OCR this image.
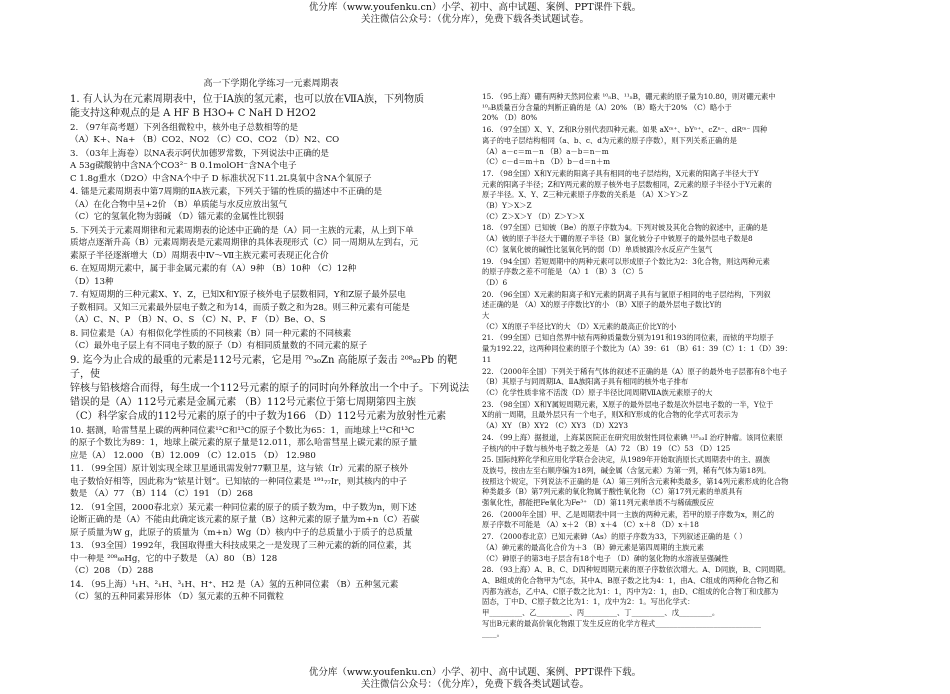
优分库（www.youfenku.cn）小学、初中、高中试题、案例、PPT课件下载。
关注微信公众号：（优分库），免费下载各类试题试卷。
高一下学期化学练习一元素周期表
1. 有人认为在元素周期表中，位于ⅠA族的氢元素，也可以放在ⅦA族，下列物质
能支持这种观点的是 A HF B H3O+ C NaH D H2O2
2. （97年高考题）下列各组微粒中，核外电子总数相等的是
（A）K+、Na+ （B）CO2、NO2 （C）CO、CO2 （D）N2、CO
3. （03年上海卷）以NA表示阿伏加德罗常数，下列说法中正确的是
A 53g碳酸钠中含NA个CO3²⁻ B 0.1molOH⁻含NA个电子
C 1.8g重水（D2O）中含NA个中子 D 标准状况下11.2L臭氧中含NA个氧原子
4. 镭是元素周期表中第7周期的ⅡA族元素，下列关于镭的性质的描述中不正确的是
（A）在化合物中呈+2价 （B）单质能与水反应放出氢气
（C）它的氢氧化物为弱碱 （D）镭元素的金属性比钡弱
5. 下列关于元素周期律和元素周期表的论述中正确的是（A）同一主族的元素，从上到下单
质熔点逐渐升高（B）元素周期表是元素周期律的具体表现形式（C）同一周期从左到右，元
素原子半径逐渐增大（D）周期表中Ⅳ～Ⅶ主族元素可表现正化合价
6. 在短周期元素中，属于非金属元素的有（A）9种 （B）10种 （C）12种
（D）13种
7. 有短周期的三种元素X、Y、Z，已知X和Y原子核外电子层数相同，Y和Z原子最外层电
子数相同。又知三元素最外层电子数之和为14，而质子数之和为28。则三种元素有可能是
（A）C、N、P （B）N、O、S （C）N、P、F （D）Be、O、S
8. 同位素是（A）有相似化学性质的不同核素（B）同一种元素的不同核素
（C）最外电子层上有不同电子数的原子（D）有相同质量数的不同元素的原子
9. 迄今为止合成的最重的元素是112号元素，它是用 ⁷⁰₃₀Zn 高能原子轰击 ²⁰⁸₈₂Pb 的靶子，使
锌核与铅核熔合而得，每生成一个112号元素的原子的同时向外释放出一个中子。下列说法
错误的是（A）112号元素是金属元素 （B）112号元素位于第七周期第四主族
（C）科学家合成的112号元素的原子的中子数为166 （D）112号元素为放射性元素
10. 据测，哈雷彗星上碳的两种同位素¹²C和¹³C的原子个数比为65：1，而地球上¹²C和¹³C
的原子个数比为89：1，地球上碳元素的原子量是12.011，那么哈雷彗星上碳元素的原子量
应是（A） 12.000 （B）12.009 （C）12.015 （D） 12.980
11. （99全国）原计划实现全球卫星通讯需发射77颗卫星，这与铱（Ir）元素的原子核外
电子数恰好相等，因此称为“铱星计划”。已知铱的一种同位素是 ¹⁹¹₇₇Ir，则其核内的中子
数是 （A）77 （B）114 （C）191 （D）268
12. （91全国，2000春北京）某元素一种同位素的原子的质子数为m，中子数为n，则下述
论断正确的是（A）不能由此确定该元素的原子量（B）这种元素的原子量为m+n（C）若碳
原子质量为W g，此原子的质量为（m+n）Wg（D）核内中子的总质量小于质子的总质量
13. （93全国）1992年，我国取得重大科技成果之一是发现了三种元素的新的同位素，其
中一种是 ²⁰⁸₈₀Hg，它的中子数是 （A）80 （B）128
（C）208 （D）288
14. （95上海）¹₁H、²₁H、³₁H、H⁺、H2 是（A）氢的五种同位素 （B）五种氢元素
（C）氢的五种同素异形体 （D）氢元素的五种不同微粒
15. （95上海）硼有两种天然同位素 ¹⁰₅B、¹¹₅B，硼元素的原子量为10.80，则对硼元素中
¹⁰₅B质量百分含量的判断正确的是（A）20% （B）略大于20% （C）略小于
20% （D）80%
16. （97全国）X、Y、Z和R分别代表四种元素。如果 aXᵐ⁺、bYⁿ⁺、cZⁿ⁻、dRᵐ⁻ 四种
离子的电子层结构相同（a、b、c、d为元素的原子序数），则下列关系正确的是
（A）a－c＝m－n （B）a－b＝n－m
（C）c－d＝m＋n （D）b－d＝n＋m
17. （98全国）X和Y元素的阳离子具有相同的电子层结构，X元素的阳离子半径大于Y
元素的阳离子半径；Z和Y两元素的原子核外电子层数相同，Z元素的原子半径小于Y元素的
原子半径。X、Y、Z三种元素原子序数的关系是 （A）X＞Y＞Z
（B）Y＞X＞Z
（C）Z＞X＞Y （D）Z＞Y＞X
18. （97全国）已知铍（Be）的原子序数为4。下列对铍及其化合物的叙述中，正确的是
（A）铍的原子半径大于硼的原子半径（B）氯化铍分子中铍原子的最外层电子数是8
（C）氢氧化铍的碱性比氢氧化钙的弱（D）单质铍跟冷水反应产生氢气
19. （94全国）若短周期中的两种元素可以形成原子个数比为2：3化合物，则这两种元素
的原子序数之差不可能是 （A）1 （B）3 （C）5
（D）6
20. （96全国）X元素的阳离子和Y元素的阴离子具有与氩原子相同的电子层结构，下列叙
述正确的是 （A）X的原子序数比Y的小 （B）X原子的最外层电子数比Y的
大
（C）X的原子半径比Y的大 （D）X元素的最高正价比Y的小
21. （99全国）已知自然界中铱有两种质量数分别为191和193的同位素，而铱的平均原子
量为192.22，这两种同位素的原子个数比为（A）39：61 （B）61：39（C）1：1（D）39：
11
22. （2000年全国）下列关于稀有气体的叙述不正确的是（A）原子的最外电子层都有8个电子
（B）其原子与同周期ⅠA、ⅡA族阳离子具有相同的核外电子排布
（C）化学性质非常不活泼（D）原子半径比同周期ⅦA族元素原子的大
23. （98全国）X和Y属短周期元素，X原子的最外层电子数是次外层电子数的一半，Y位于
X的前一周期，且最外层只有一个电子，则X和Y形成的化合物的化学式可表示为
（A）XY （B）XY2 （C）XY3 （D）X2Y3
24. （99上海）据报道，上海某医院正在研究用放射性同位素碘 ¹²⁵₅₃I 治疗肿瘤。该同位素原
子核内的中子数与核外电子数之差是 （A）72 （B）19 （C）53 （D）125
25. 国际纯粹化学和应用化学联合会决定，从1989年开始取消原长式周期表中的主、副族
及族号，按由左至右顺序编为18列，碱金属（含氢元素）为第一列，稀有气体为第18列。
按照这个规定，下列说法不正确的是（A）第三列所含元素种类最多，第14列元素形成的化合物
种类最多（B）第7列元素的氧化物属于酸性氧化物 （C）第17列元素的单质具有
强氧化性，都能把Fe氧化为Fe³⁺ （D）第11列元素单质不与稀硫酸反应
26. （2000年全国）甲、乙是周期表中同一主族的两种元素，若甲的原子序数为x，则乙的
原子序数不可能是 （A）x＋2 （B）x＋4 （C）x＋8 （D）x＋18
27. （2000春北京）已知元素砷（As）的原子序数为33，下列叙述正确的是（ ）
（A）砷元素的最高化合价为＋3 （B）砷元素是第四周期的主族元素
（C）砷原子的第3电子层含有18个电子 （D）砷的氢化物的水溶液呈强碱性
28. （93上海）A、B、C、D四种短周期元素的原子序数依次增大。A、D同族，B、C同周期。
A、B组成的化合物甲为气态，其中A、B原子数之比为4：1，由A、C组成的两种化合物乙和
丙都为液态，乙中A、C原子数之比为1：1，丙中为2：1，由D、C组成的化合物丁和戊都为
固态，丁中D、C原子数之比为1：1，戊中为2：1。写出化学式：
甲_________、乙_________、丙_________、丁_________、戊_________。
写出B元素的最高价氧化物跟丁发生反应的化学方程式_____________________________
____。
优分库（www.youfenku.cn）小学、初中、高中试题、案例、PPT课件下载。
关注微信公众号：（优分库），免费下载各类试题试卷。
